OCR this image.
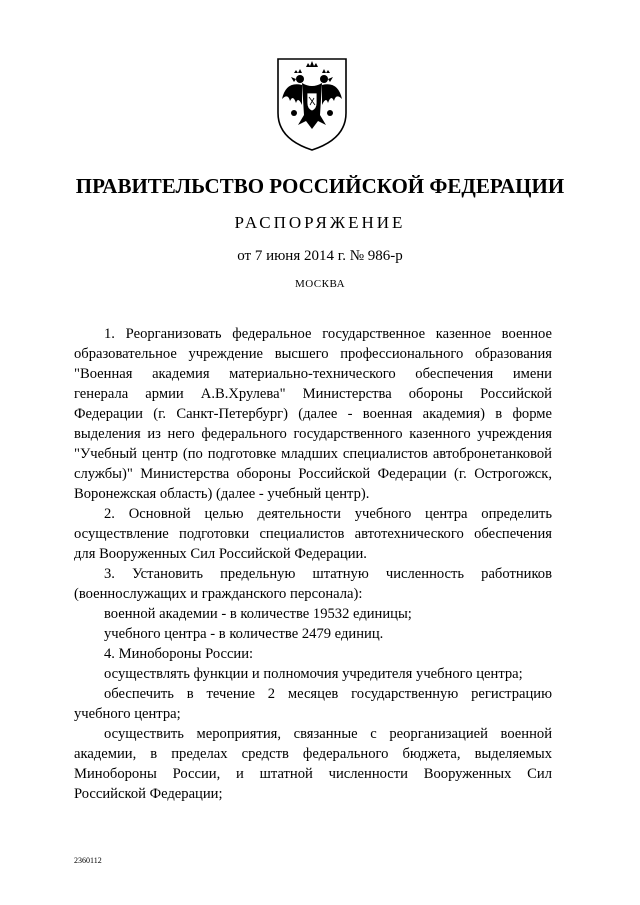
ПРАВИТЕЛЬСТВО РОССИЙСКОЙ ФЕДЕРАЦИИ
РАСПОРЯЖЕНИЕ
от 7 июня 2014 г. № 986-р
МОСКВА

1. Реорганизовать федеральное государственное казенное военное

образовательное учреждение высшего профессионального образования

"Военная академия материально-технического обеспечения имени

генерала армии А.В.Хрулева" Министерства обороны Российской

Федерации (г. Санкт-Петербург) (далее - военная академия) в форме

выделения из него федерального государственного казенного учреждения

"Учебный центр (по подготовке младших специалистов автобронетанковой

службы)" Министерства обороны Российской Федерации (г. Острогожск,

Воронежская область) (далее - учебный центр).

2. Основной целью деятельности учебного центра определить

осуществление подготовки специалистов автотехнического обеспечения

для Вооруженных Сил Российской Федерации.

3. Установить предельную штатную численность работников

(военнослужащих и гражданского персонала):

военной академии - в количестве 19532 единицы;

учебного центра - в количестве 2479 единиц.

4. Минобороны России:

осуществлять функции и полномочия учредителя учебного центра;

обеспечить в течение 2 месяцев государственную регистрацию

учебного центра;

осуществить мероприятия, связанные с реорганизацией военной

академии, в пределах средств федерального бюджета, выделяемых

Минобороны России, и штатной численности Вооруженных Сил

Российской Федерации;

2360112
